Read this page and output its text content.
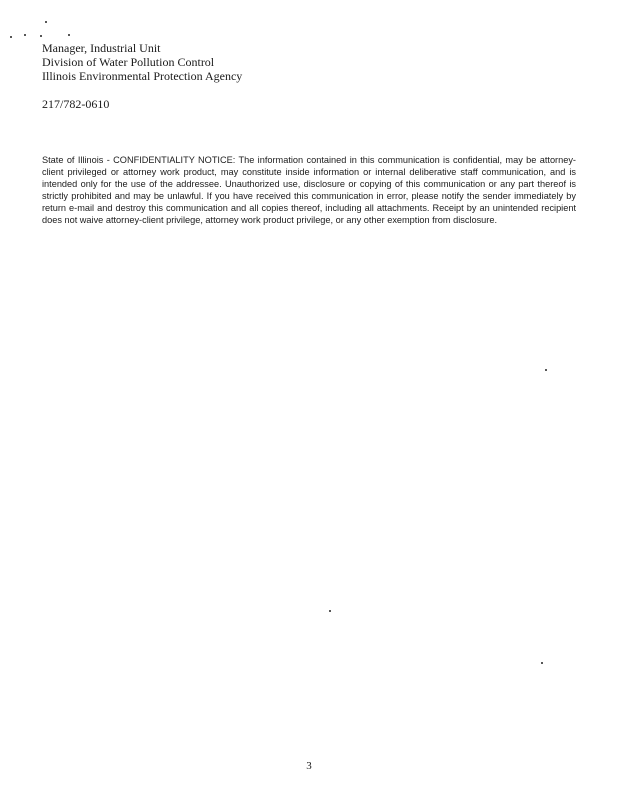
Manager, Industrial Unit
Division of Water Pollution Control
Illinois Environmental Protection Agency
217/782-0610
State of Illinois - CONFIDENTIALITY NOTICE: The information contained in this communication is confidential, may be attorney-client privileged or attorney work product, may constitute inside information or internal deliberative staff communication, and is intended only for the use of the addressee. Unauthorized use, disclosure or copying of this communication or any part thereof is strictly prohibited and may be unlawful. If you have received this communication in error, please notify the sender immediately by return e-mail and destroy this communication and all copies thereof, including all attachments. Receipt by an unintended recipient does not waive attorney-client privilege, attorney work product privilege, or any other exemption from disclosure.
3
